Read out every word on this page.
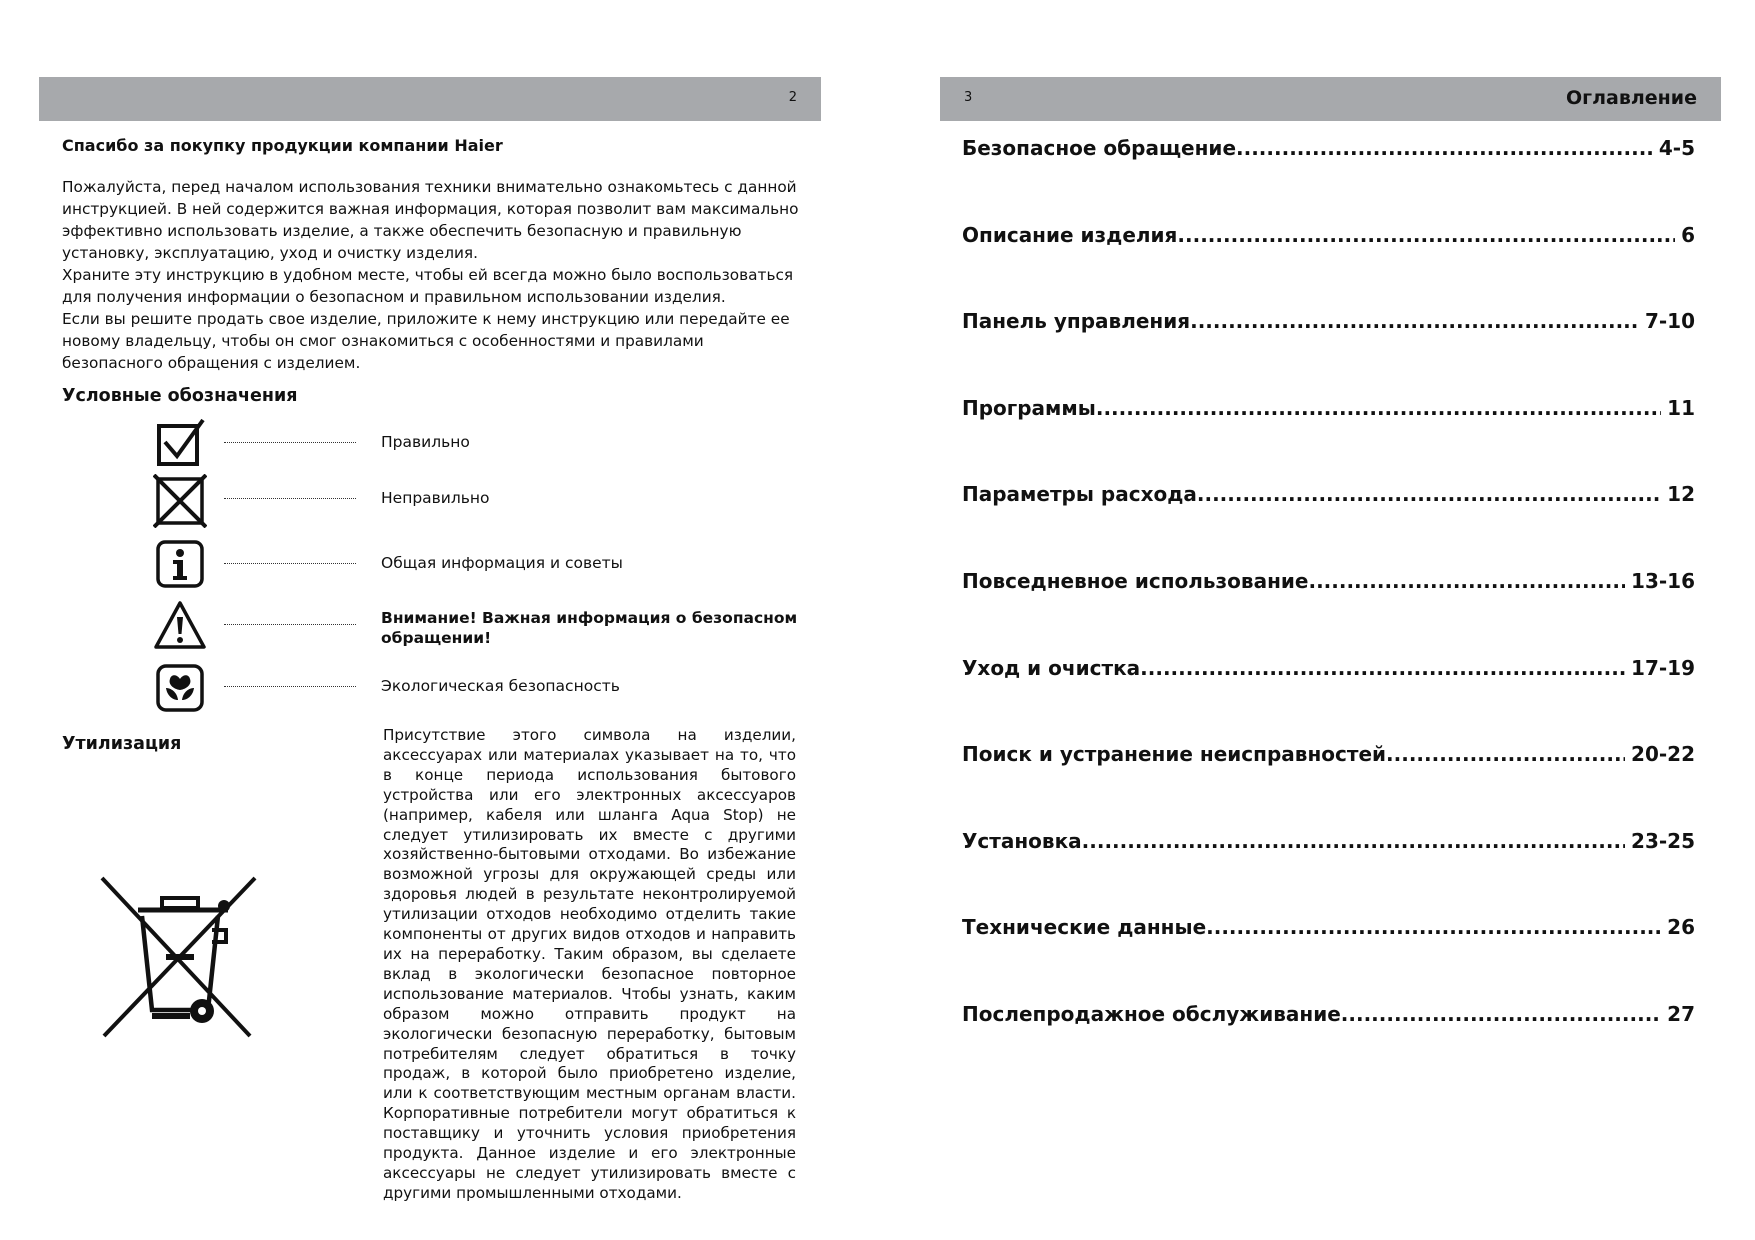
2
Спасибо за покупку продукции компании Haier

Пожалуйста, перед началом использования техники внимательно ознакомьтесь с данной инструкцией. В ней содержится важная информация, которая позволит вам максимально эффективно использовать изделие, а также обеспечить безопасную и правильную установку, эксплуатацию, уход и очистку изделия.

Храните эту инструкцию в удобном месте, чтобы ей всегда можно было воспользоваться для получения информации о безопасном и правильном использовании изделия.

Если вы решите продать свое изделие, приложите к нему инструкцию или передайте ее новому владельцу, чтобы он смог ознакомиться с особенностями и правилами безопасного обращения с изделием.

Условные обозначения
Правильно
Неправильно
Общая информация и советы
Внимание! Важная информация о безопасном обращении!
Экологическая безопасность
Утилизация	Присутствие этого символа на изделии, аксессуарах или материалах указывает на то, что в конце периода использования бытового устройства или его электронных аксессуаров (например, кабеля или шланга Aqua Stop) не следует утилизировать их вместе с другими хозяйственно-бытовыми отходами. Во избежание возможной угрозы для окружающей среды или здоровья людей в результате неконтролируемой утилизации отходов необходимо отделить такие компоненты от других видов отходов и направить их на переработку. Таким образом, вы сделаете вклад в экологически безопасное повторное использование материалов. Чтобы узнать, каким образом можно отправить продукт на экологически безопасную переработку, бытовым потребителям следует обратиться в точку продаж, в которой было приобретено изделие, или к соответствующим местным органам власти. Корпоративные потребители могут обратиться к поставщику и уточнить условия приобретения продукта. Данное изделие и его электронные аксессуары не следует утилизировать вместе с другими промышленными отходами.

3	Оглавление
Безопасное обращение .....	4-5
Описание изделия .....	6
Панель управления .....	7-10
Программы .....	11
Параметры расхода .....	12
Повседневное использование .....	13-16
Уход и очистка .....	17-19
Поиск и устранение неисправностей .....	20-22
Установка .....	23-25
Технические данные .....	26
Послепродажное обслуживание .....	27
